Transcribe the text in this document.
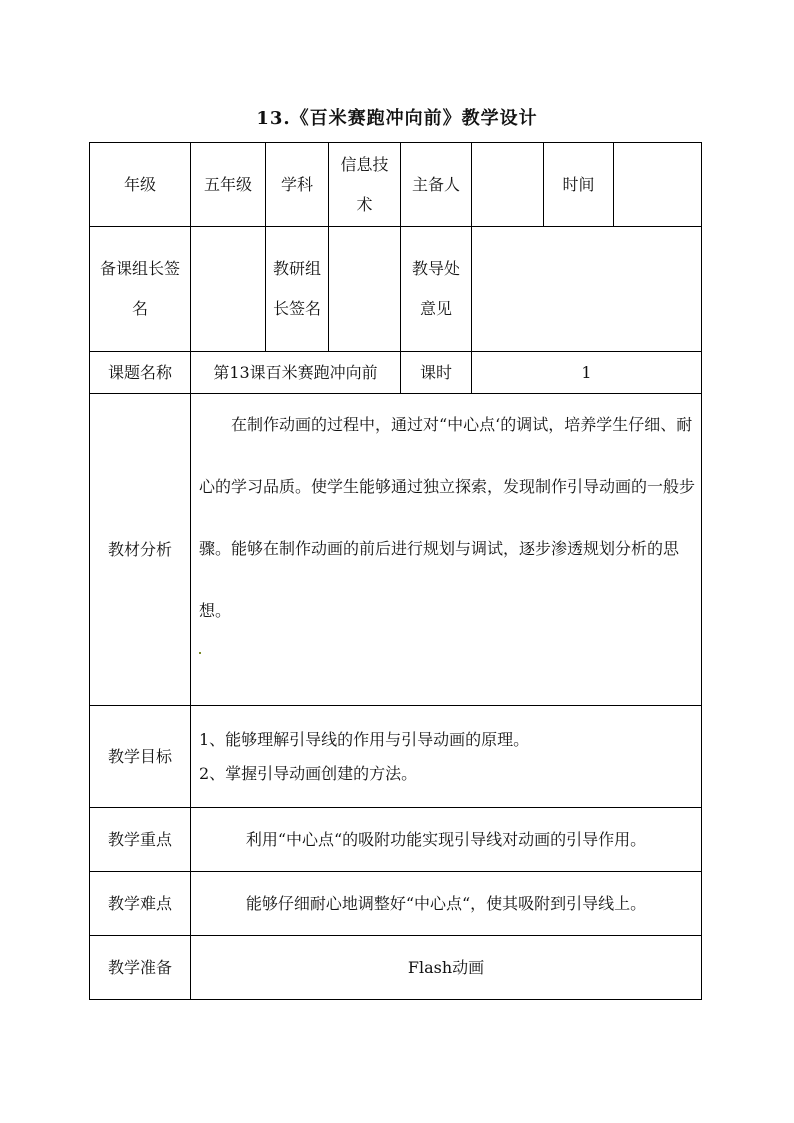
13.《百米赛跑冲向前》教学设计
年级	五年级	学科	信息技术	主备人		时间	
备课组长签名		教研组长签名		教导处意见			
课题名称	第13课百米赛跑冲向前			课时	1		
教材分析	在制作动画的过程中，通过对“中心点‘的调试，培养学生仔细、耐心的学习品质。使学生能够通过独立探索，发现制作引导动画的一般步骤。能够在制作动画的前后进行规划与调试，逐步渗透规划分析的思想。						

教学目标	1、能够理解引导线的作用与引导动画的原理。
2、掌握引导动画创建的方法。						

教学重点	利用“中心点“的吸附功能实现引导线对动画的引导作用。						
教学难点	能够仔细耐心地调整好“中心点“，使其吸附到引导线上。						
教学准备	Flash动画						
